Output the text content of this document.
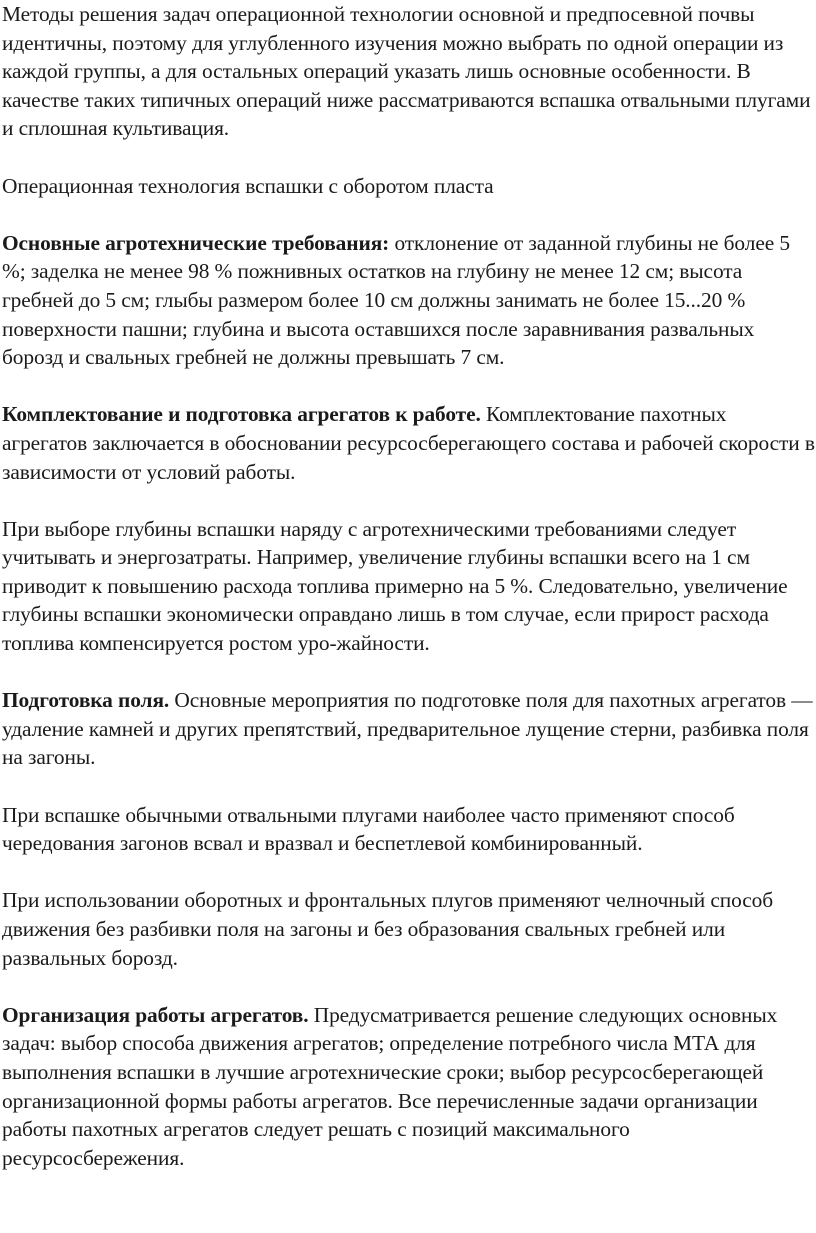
Методы решения задач операционной технологии основной и предпосевной почвы идентичны, поэтому для углубленного изучения можно выбрать по одной операции из каждой группы, а для остальных операций указать лишь основные особенности. В качестве таких типичных операций ниже рассматриваются вспашка отвальными плугами и сплошная культивация.

Операционная технология вспашки с оборотом пласта

Основные агротехнические требования: отклонение от заданной глубины не более 5 %; заделка не менее 98 % пожнивных остатков на глубину не менее 12 см; высота гребней до 5 см; глыбы размером более 10 см должны занимать не более 15...20 % поверхности пашни; глубина и высота оставшихся после заравнивания развальных борозд и свальных гребней не должны превышать 7 см.

Комплектование и подготовка агрегатов к работе. Комплектование пахотных агрегатов заключается в обосновании ресурсосберегающего состава и рабочей скорости в зависимости от условий работы.

При выборе глубины вспашки наряду с агротехническими требованиями следует учитывать и энергозатраты. Например, увеличение глубины вспашки всего на 1 см приводит к повышению расхода топлива примерно на 5 %. Следовательно, увеличение глубины вспашки экономически оправдано лишь в том случае, если прирост расхода топлива компенсируется ростом уро-жайности.

Подготовка поля. Основные мероприятия по подготовке поля для пахотных агрегатов — удаление камней и других препятствий, предварительное лущение стерни, разбивка поля на загоны.

При вспашке обычными отвальными плугами наиболее часто применяют способ чередования загонов всвал и вразвал и беспетлевой комбинированный.

При использовании оборотных и фронтальных плугов применяют челночный способ движения без разбивки поля на загоны и без образования свальных гребней или развальных борозд.

Организация работы агрегатов. Предусматривается решение следующих основных задач: выбор способа движения агрегатов; определение потребного числа МТА для выполнения вспашки в лучшие агротехнические сроки; выбор ресурсосберегающей организационной формы работы агрегатов. Все перечисленные задачи организации работы пахотных агрегатов следует решать с позиций максимального ресурсосбережения.
